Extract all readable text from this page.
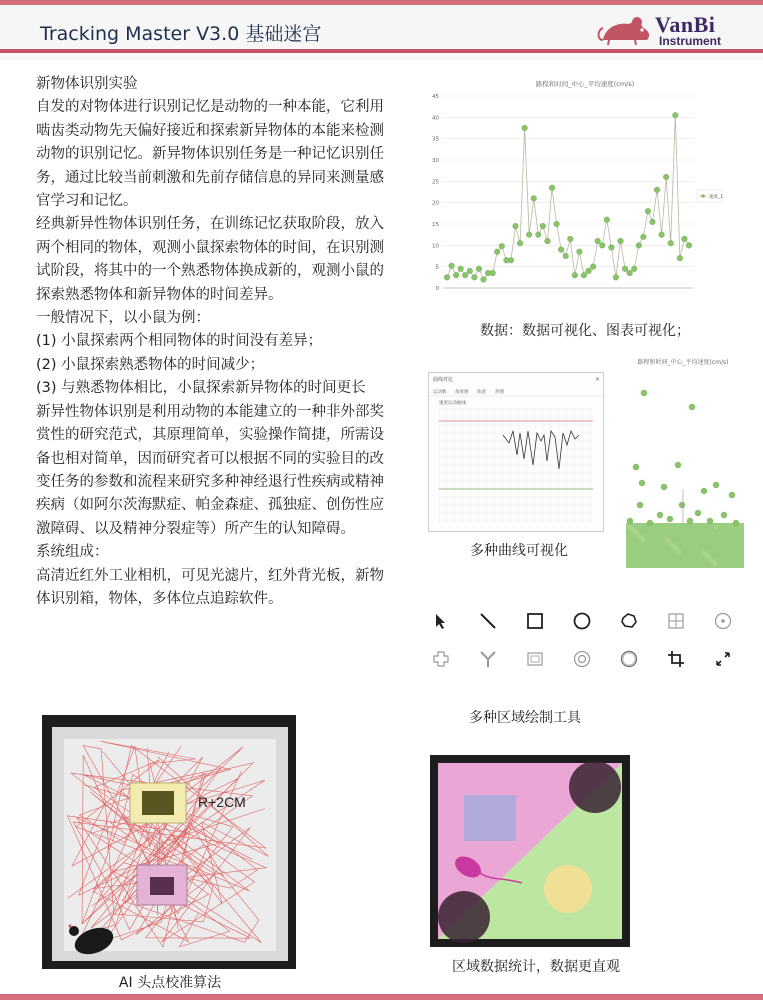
Tracking Master V3.0 基础迷宫	VanBi
Instrument

新物体识别实验

自发的对物体进行识别记忆是动物的一种本能，它利用啮齿类动物先天偏好接近和探索新异物体的本能来检测动物的识别记忆。新异物体识别任务是一种记忆识别任务，通过比较当前刺激和先前存储信息的异同来测量感官学习和记忆。

经典新异性物体识别任务，在训练记忆获取阶段，放入两个相同的物体，观测小鼠探索物体的时间，在识别测试阶段，将其中的一个熟悉物体换成新的，观测小鼠的探索熟悉物体和新异物体的时间差异。

一般情况下，以小鼠为例：

(1) 小鼠探索两个相同物体的时间没有差异；

(2) 小鼠探索熟悉物体的时间减少；

(3) 与熟悉物体相比，小鼠探索新异物体的时间更长

新异性物体识别是利用动物的本能建立的一种非外部奖赏性的研究范式，其原理简单，实验操作简捷，所需设备也相对简单，因而研究者可以根据不同的实验目的改变任务的参数和流程来研究多种神经退行性疾病或精神疾病（如阿尔茨海默症、帕金森症、孤独症、创伤性应激障碍、以及精神分裂症等）所产生的认知障碍。

系统组成：

高清近红外工业相机，可见光滤片，红外背光板，新物体识别箱，物体，多体位点追踪软件。

路程和时间_中心_平均速度(cm/s)
0
5
10
15
20
25
30
35
40
45
速度_1
数据：数据可视化、图表可视化；
曲线对比	×
运动数 角度图 轨迹 热图
速度运动曲线
多种曲线可视化
路程和时间_中心_平均速度(cm/s)
多种区域绘制工具
R+2CM
AI 头点校准算法
区域数据统计，数据更直观
